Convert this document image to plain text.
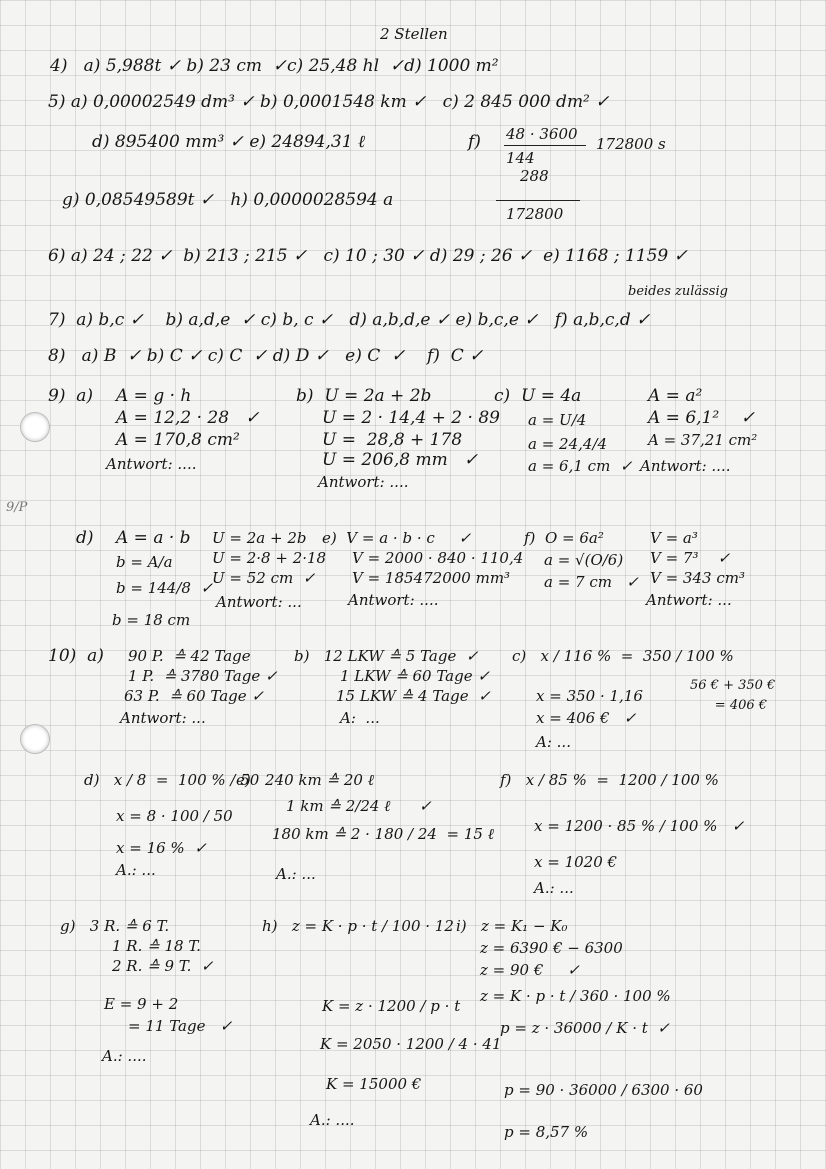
2 Stellen
9/P
4)   a) 5,988t ✓ b) 23 cm  ✓c) 25,48 hl  ✓d) 1000 m²
5) a) 0,00002549 dm³ ✓ b) 0,0001548 km ✓   c) 2 845 000 dm² ✓
d) 895400 mm³ ✓ e) 24894,31 ℓ	f) 48 · 3600
144
172800 s
288
172800
g) 0,08549589t ✓   h) 0,0000028594 a
6) a) 24 ; 22 ✓  b) 213 ; 215 ✓   c) 10 ; 30 ✓ d) 29 ; 26 ✓  e) 1168 ; 1159 ✓
beides zulässig
7)  a) b,c ✓    b) a,d,e  ✓ c) b, c ✓   d) a,b,d,e ✓ e) b,c,e ✓   f) a,b,c,d ✓
8)   a) B  ✓ b) C ✓ c) C  ✓ d) D ✓   e) C  ✓    f)  C ✓
9)  a) A = g · h
A = 12,2 · 28   ✓
A = 170,8 cm²
Antwort: ....
b)  U = 2a + 2b
U = 2 · 14,4 + 2 · 89
U =  28,8 + 178
U = 206,8 mm   ✓
Antwort: ....
c)  U = 4a
a = U/4
a = 24,4/4
a = 6,1 cm  ✓
A = a²
A = 6,1²    ✓
A = 37,21 cm²
Antwort: ....
d) A = a · b
b = A/a
b = 144/8  ✓
b = 18 cm
U = 2a + 2b
U = 2·8 + 2·18
U = 52 cm  ✓
Antwort: ...
e)  V = a · b · c     ✓
V = 2000 · 840 · 110,4
V = 185472000 mm³
Antwort: ....
f)  O = 6a²
a = √(O/6)
a = 7 cm   ✓
V = a³
V = 7³    ✓
V = 343 cm³
Antwort: ...
10)  a) 90 P.  ≙ 42 Tage
1 P.  ≙ 3780 Tage ✓
63 P.  ≙ 60 Tage ✓
Antwort: ...
b)   12 LKW ≙ 5 Tage  ✓
1 LKW ≙ 60 Tage ✓
15 LKW ≙ 4 Tage  ✓
A:  ...
c)   x / 116 %  =  350 / 100 %
x = 350 · 1,16
x = 406 €   ✓
A: ...
56 € + 350 €
= 406 €
d)   x / 8  =  100 % / 50
x = 8 · 100 / 50
x = 16 %  ✓
A.: ...
e)   240 km ≙ 20 ℓ
1 km ≙ 2/24 ℓ      ✓
180 km ≙ 2 · 180 / 24  = 15 ℓ
A.: ...
f)   x / 85 %  =  1200 / 100 %
x = 1200 · 85 % / 100 %   ✓
x = 1020 €
A.: ...
g)   3 R. ≙ 6 T.
1 R. ≙ 18 T.
2 R. ≙ 9 T.  ✓
E = 9 + 2
= 11 Tage   ✓
A.: ....
h)   z = K · p · t / 100 · 12
K = z · 1200 / p · t
K = 2050 · 1200 / 4 · 41
K = 15000 €
A.: ....
i)   z = K₁ − K₀
z = 6390 € − 6300
z = 90 €     ✓
z = K · p · t / 360 · 100 %
p = z · 36000 / K · t  ✓
p = 90 · 36000 / 6300 · 60
p = 8,57 %
